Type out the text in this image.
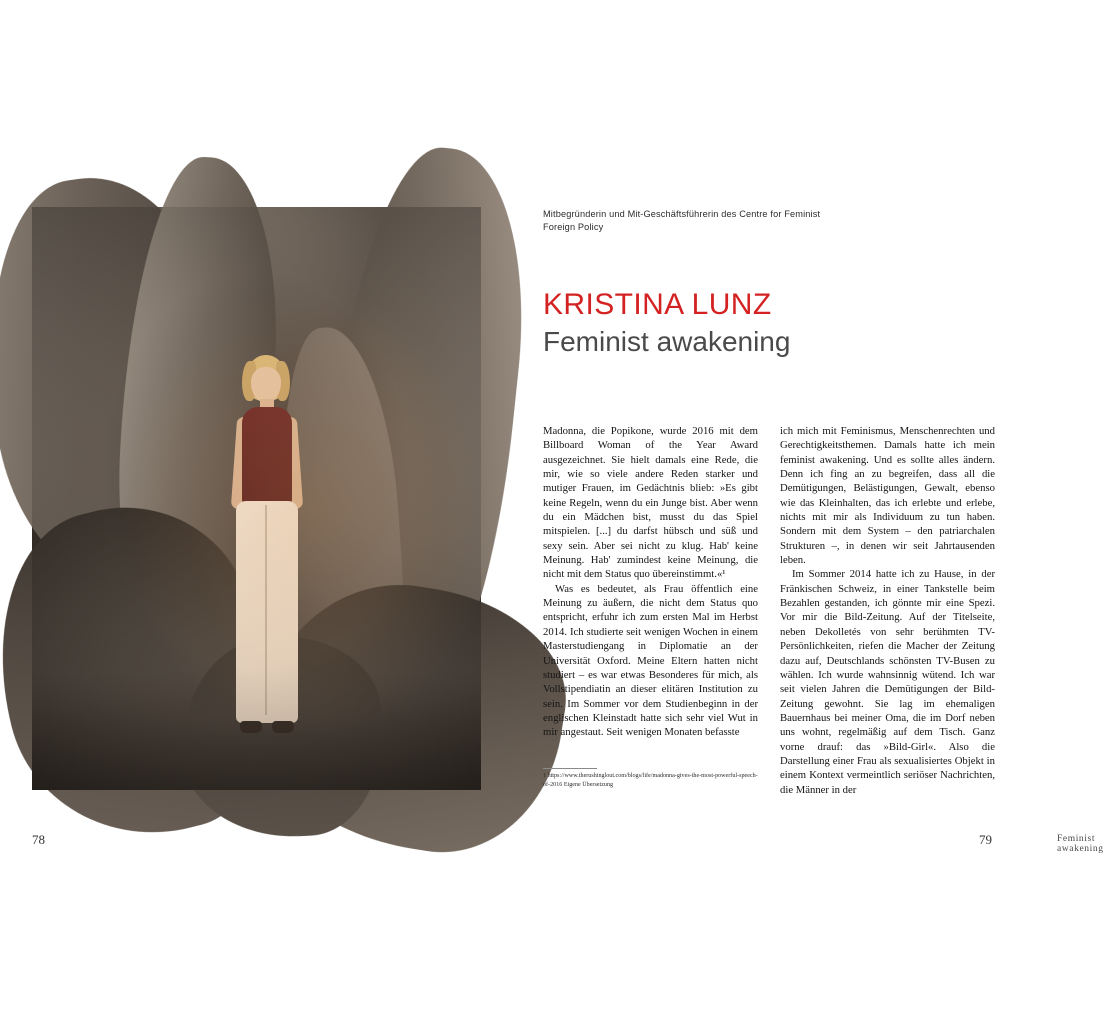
78
Mitbegründerin und Mit-Geschäftsführerin des Centre for Feminist Foreign Policy
KRISTINA LUNZ
Feminist awakening

Madonna, die Popikone, wurde 2016 mit dem Billboard Woman of the Year Award ausgezeichnet. Sie hielt damals eine Rede, die mir, wie so viele andere Reden starker und mutiger Frauen, im Gedächtnis blieb: »Es gibt keine Regeln, wenn du ein Junge bist. Aber wenn du ein Mädchen bist, musst du das Spiel mitspielen. [...] du darfst hübsch und süß und sexy sein. Aber sei nicht zu klug. Hab' keine Meinung. Hab' zumindest keine Meinung, die nicht mit dem Status quo übereinstimmt.«¹

Was es bedeutet, als Frau öffentlich eine Meinung zu äußern, die nicht dem Status quo entspricht, erfuhr ich zum ersten Mal im Herbst 2014. Ich studierte seit wenigen Wochen in einem Masterstudiengang in Diplomatie an der Universität Oxford. Meine Eltern hatten nicht studiert – es war etwas Besonderes für mich, als Vollstipendiatin an dieser elitären Institution zu sein. Im Sommer vor dem Studienbeginn in der englischen Kleinstadt hatte sich sehr viel Wut in mir angestaut. Seit wenigen Monaten befasste

ich mich mit Feminismus, Menschenrechten und Gerechtigkeitsthemen. Damals hatte ich mein feminist awakening. Und es sollte alles ändern. Denn ich fing an zu begreifen, dass all die Demütigungen, Belästigungen, Gewalt, ebenso wie das Kleinhalten, das ich erlebte und erlebe, nichts mit mir als Individuum zu tun haben. Sondern mit dem System – den patriarchalen Strukturen –, in denen wir seit Jahrtausenden leben.

Im Sommer 2014 hatte ich zu Hause, in der Fränkischen Schweiz, in einer Tankstelle beim Bezahlen gestanden, ich gönnte mir eine Spezi. Vor mir die Bild-Zeitung. Auf der Titelseite, neben Dekolletés von sehr berühmten TV-Persönlichkeiten, riefen die Macher der Zeitung dazu auf, Deutschlands schönsten TV-Busen zu wählen. Ich wurde wahnsinnig wütend. Ich war seit vielen Jahren die Demütigungen der Bild-Zeitung gewohnt. Sie lag im ehemaligen Bauernhaus bei meiner Oma, die im Dorf neben uns wohnt, regelmäßig auf dem Tisch. Ganz vorne drauf: das »Bild-Girl«. Also die Darstellung einer Frau als sexualisiertes Objekt in einem Kontext vermeintlich seriöser Nachrichten, die Männer in der

1 https://www.therushinglout.com/blogs/life/madonna-gives-the-most-powerful-speech-of-2016 Eigene Übersetzung
Feminist awakening
79
